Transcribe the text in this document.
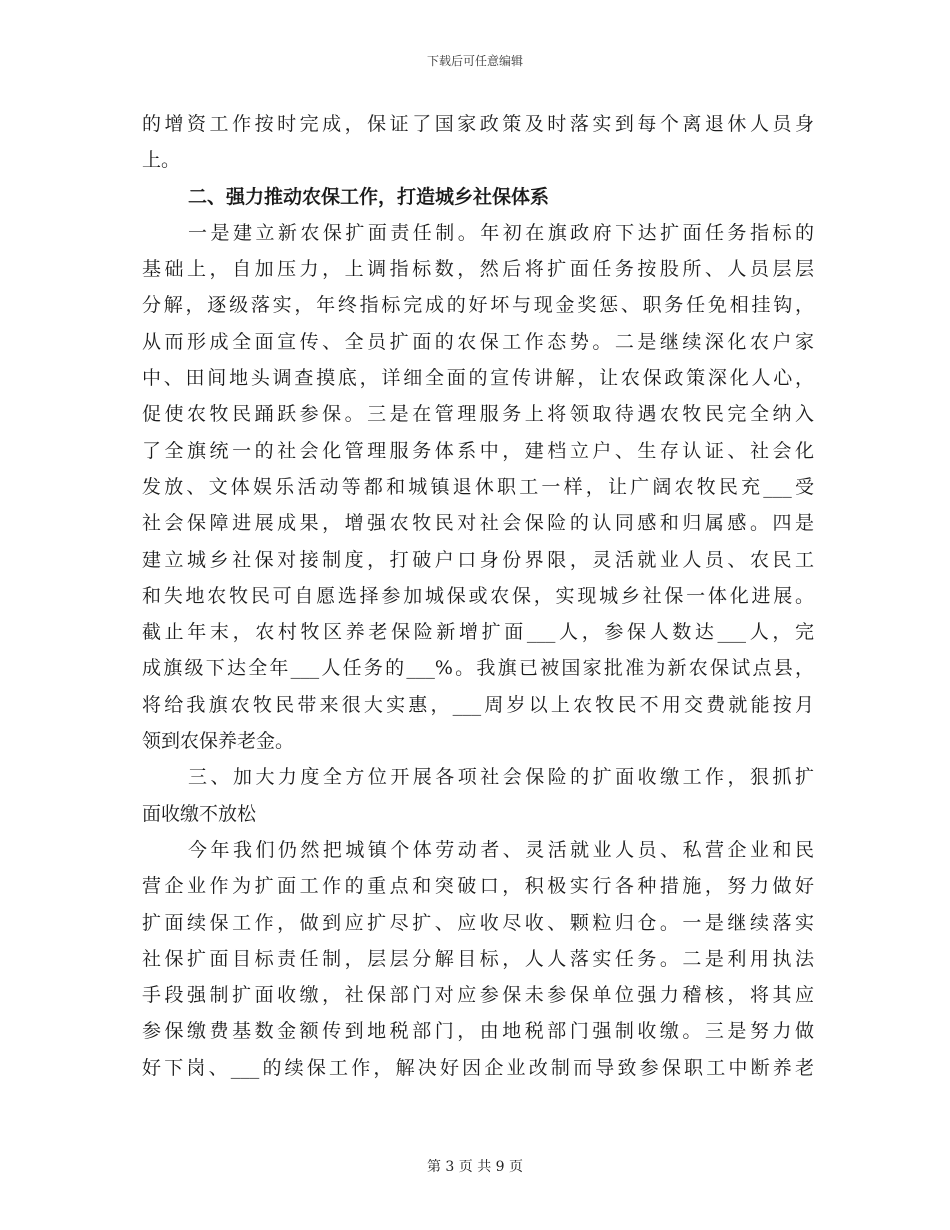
下载后可任意编辑
的增资工作按时完成，保证了国家政策及时落实到每个离退休人员身
上。
二、强力推动农保工作，打造城乡社保体系
一是建立新农保扩面责任制。年初在旗政府下达扩面任务指标的
基础上，自加压力，上调指标数，然后将扩面任务按股所、人员层层
分解，逐级落实，年终指标完成的好坏与现金奖惩、职务任免相挂钩，
从而形成全面宣传、全员扩面的农保工作态势。二是继续深化农户家
中、田间地头调查摸底，详细全面的宣传讲解，让农保政策深化人心，
促使农牧民踊跃参保。三是在管理服务上将领取待遇农牧民完全纳入
了全旗统一的社会化管理服务体系中，建档立户、生存认证、社会化
发放、文体娱乐活动等都和城镇退休职工一样，让广阔农牧民充___受
社会保障进展成果，增强农牧民对社会保险的认同感和归属感。四是
建立城乡社保对接制度，打破户口身份界限，灵活就业人员、农民工
和失地农牧民可自愿选择参加城保或农保，实现城乡社保一体化进展。
截止年末，农村牧区养老保险新增扩面___人，参保人数达___人，完
成旗级下达全年___人任务的___%。我旗已被国家批准为新农保试点县，
将给我旗农牧民带来很大实惠，___周岁以上农牧民不用交费就能按月
领到农保养老金。
三、加大力度全方位开展各项社会保险的扩面收缴工作，狠抓扩
面收缴不放松
今年我们仍然把城镇个体劳动者、灵活就业人员、私营企业和民
营企业作为扩面工作的重点和突破口，积极实行各种措施，努力做好
扩面续保工作，做到应扩尽扩、应收尽收、颗粒归仓。一是继续落实
社保扩面目标责任制，层层分解目标，人人落实任务。二是利用执法
手段强制扩面收缴，社保部门对应参保未参保单位强力稽核，将其应
参保缴费基数金额传到地税部门，由地税部门强制收缴。三是努力做
好下岗、___的续保工作，解决好因企业改制而导致参保职工中断养老
第 3 页 共 9 页
